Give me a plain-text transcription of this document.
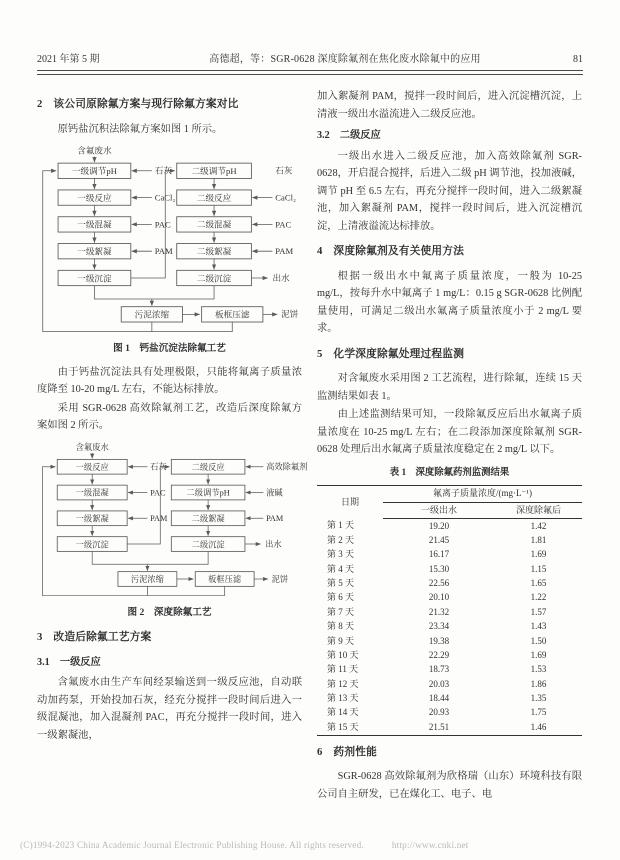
2021 年第 5 期	高德超，等：SGR-0628 深度除氟剂在焦化废水除氟中的应用	81
2　该公司原除氟方案与现行除氟方案对比

原钙盐沉积法除氟方案如图 1 所示。

含氟废水
一级调节pH
一级反应
一级混凝
一级絮凝
一级沉淀
石灰
CaCl₂
PAC
PAM
二级调节pH
二级反应
二级混凝
二级絮凝
二级沉淀
石灰
CaCl₂
PAC
PAM
出水
污泥浓缩	板框压滤	泥饼
图 1　钙盐沉淀法除氟工艺

由于钙盐沉淀法具有处理极限，只能将氟离子质量浓度降至 10-20 mg/L 左右，不能达标排放。

采用 SGR-0628 高效除氟剂工艺，改造后深度除氟方案如图 2 所示。

含氟废水
一级反应
一级混凝
一级絮凝
一级沉淀
石灰
PAC
PAM
二级反应
二级调节pH
二级絮凝
二级沉淀
高效除氟剂
液碱
PAM
出水
污泥浓缩	板框压滤	泥饼
图 2　深度除氟工艺
3　改造后除氟工艺方案
3.1　一级反应

含氟废水由生产车间经泵输送到一级反应池，自动联动加药泵，开始投加石灰，经充分搅拌一段时间后进入一级混凝池，加入混凝剂 PAC，再充分搅拌一段时间，进入一级絮凝池，

加入絮凝剂 PAM，搅拌一段时间后，进入沉淀槽沉淀，上清液一级出水溢流进入二级反应池。

3.2　二级反应

一级出水进入二级反应池，加入高效除氟剂 SGR-0628，开启混合搅拌，后进入二级 pH 调节池，投加液碱，调节 pH 至 6.5 左右，再充分搅拌一段时间，进入二级絮凝池，加入絮凝剂 PAM，搅拌一段时间后，进入沉淀槽沉淀，上清液溢流达标排放。

4　深度除氟剂及有关使用方法

根据一级出水中氟离子质量浓度，一般为 10-25 mg/L，按每升水中氟离子 1 mg/L：0.15 g SGR-0628 比例配量使用，可满足二级出水氟离子质量浓度小于 2 mg/L 要求。

5　化学深度除氟处理过程监测

对含氟废水采用图 2 工艺流程，进行除氟，连续 15 天监测结果如表 1。

由上述监测结果可知，一段除氟反应后出水氟离子质量浓度在 10-25 mg/L 左右；在二段添加深度除氟剂 SGR-0628 处理后出水氟离子质量浓度稳定在 2 mg/L 以下。

表 1　深度除氟药剂监测结果
日期	氟离子质量浓度/(mg·L⁻¹)	
	一级出水	深度除氟后
第 1 天	19.20	1.42
第 2 天	21.45	1.81
第 3 天	16.17	1.69
第 4 天	15.30	1.15
第 5 天	22.56	1.65
第 6 天	20.10	1.22
第 7 天	21.32	1.57
第 8 天	23.34	1.43
第 9 天	19.38	1.50
第 10 天	22.29	1.69
第 11 天	18.73	1.53
第 12 天	20.03	1.86
第 13 天	18.44	1.35
第 14 天	20.93	1.75
第 15 天	21.51	1.46
6　药剂性能

SGR-0628 高效除氟剂为欣格瑞（山东）环境科技有限公司自主研发，已在煤化工、电子、电

(C)1994-2023 China Academic Journal Electronic Publishing House. All rights reserved.	http://www.cnki.net
